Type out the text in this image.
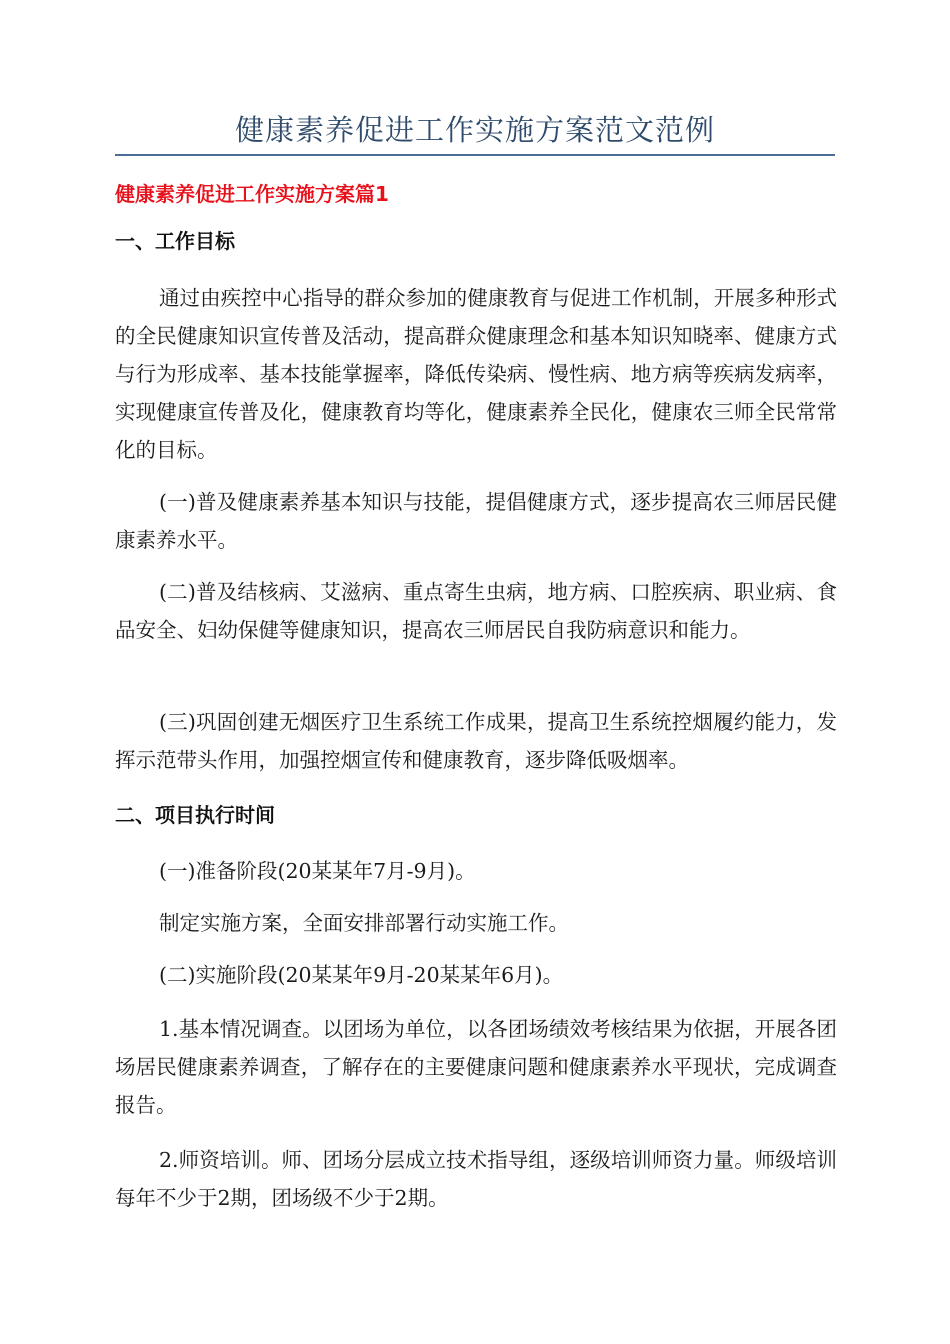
健康素养促进工作实施方案范文范例
健康素养促进工作实施方案篇1
一、工作目标

通过由疾控中心指导的群众参加的健康教育与促进工作机制，开展多种形式的全民健康知识宣传普及活动，提高群众健康理念和基本知识知晓率、健康方式与行为形成率、基本技能掌握率，降低传染病、慢性病、地方病等疾病发病率，实现健康宣传普及化，健康教育均等化，健康素养全民化，健康农三师全民常常化的目标。

(一)普及健康素养基本知识与技能，提倡健康方式，逐步提高农三师居民健康素养水平。

(二)普及结核病、艾滋病、重点寄生虫病，地方病、口腔疾病、职业病、食品安全、妇幼保健等健康知识，提高农三师居民自我防病意识和能力。

(三)巩固创建无烟医疗卫生系统工作成果，提高卫生系统控烟履约能力，发挥示范带头作用，加强控烟宣传和健康教育，逐步降低吸烟率。

二、项目执行时间

(一)准备阶段(20某某年7月-9月)。

制定实施方案，全面安排部署行动实施工作。

(二)实施阶段(20某某年9月-20某某年6月)。

1.基本情况调查。以团场为单位，以各团场绩效考核结果为依据，开展各团场居民健康素养调查，了解存在的主要健康问题和健康素养水平现状，完成调查报告。

2.师资培训。师、团场分层成立技术指导组，逐级培训师资力量。师级培训每年不少于2期，团场级不少于2期。
